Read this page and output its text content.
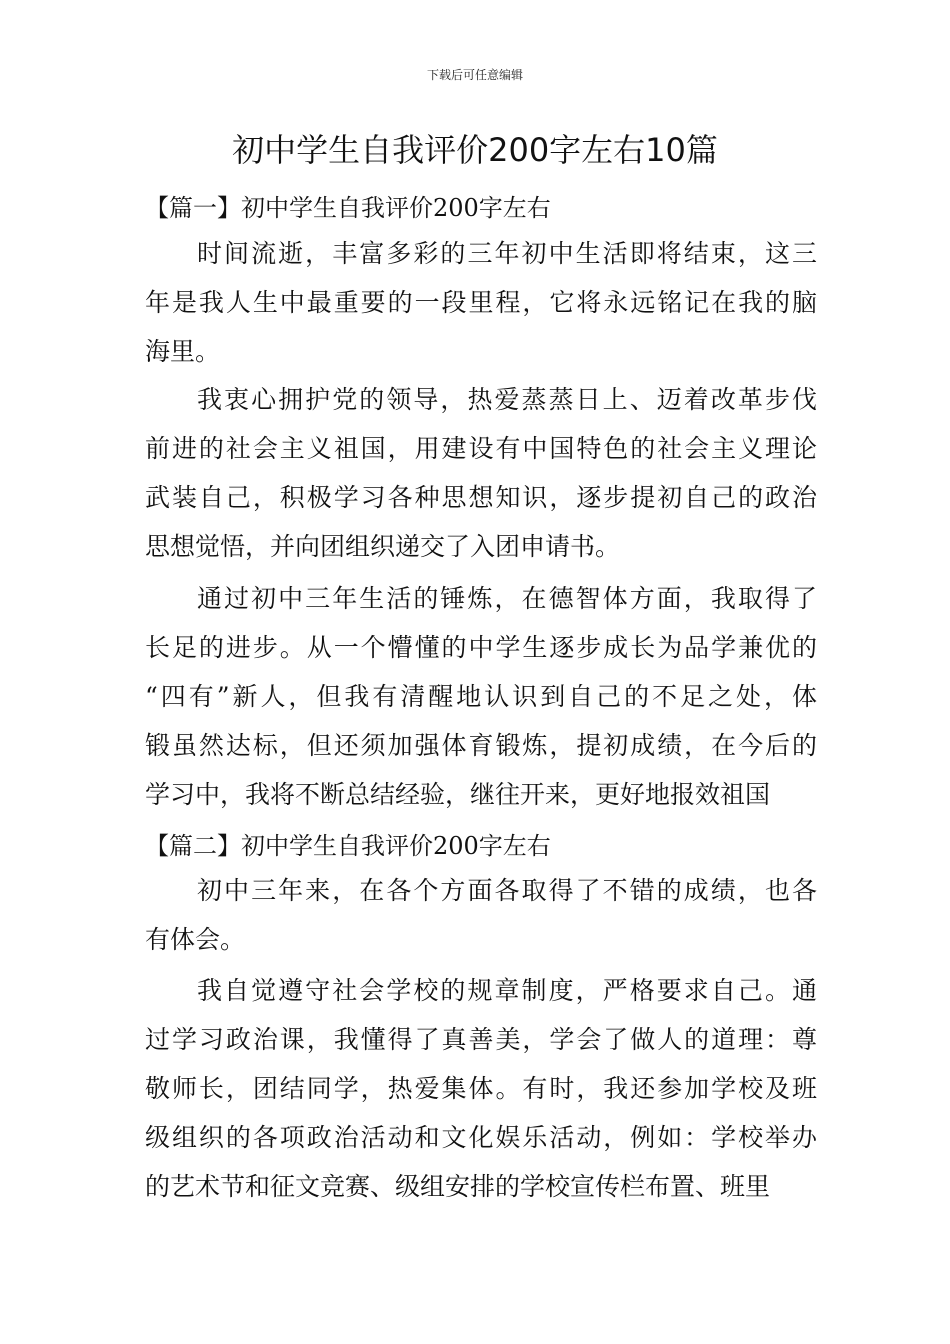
下载后可任意编辑
初中学生自我评价200字左右10篇
【篇一】初中学生自我评价200字左右
时间流逝，丰富多彩的三年初中生活即将结束，这三
年是我人生中最重要的一段里程，它将永远铭记在我的脑
海里。
我衷心拥护党的领导，热爱蒸蒸日上、迈着改革步伐
前进的社会主义祖国，用建设有中国特色的社会主义理论
武装自己，积极学习各种思想知识，逐步提初自己的政治
思想觉悟，并向团组织递交了入团申请书。
通过初中三年生活的锤炼，在德智体方面，我取得了
长足的进步。从一个懵懂的中学生逐步成长为品学兼优的
“四有”新人，但我有清醒地认识到自己的不足之处，体
锻虽然达标，但还须加强体育锻炼，提初成绩，在今后的
学习中，我将不断总结经验，继往开来，更好地报效祖国
【篇二】初中学生自我评价200字左右
初中三年来，在各个方面各取得了不错的成绩，也各
有体会。
我自觉遵守社会学校的规章制度，严格要求自己。通
过学习政治课，我懂得了真善美，学会了做人的道理：尊
敬师长，团结同学，热爱集体。有时，我还参加学校及班
级组织的各项政治活动和文化娱乐活动，例如：学校举办
的艺术节和征文竞赛、级组安排的学校宣传栏布置、班里
